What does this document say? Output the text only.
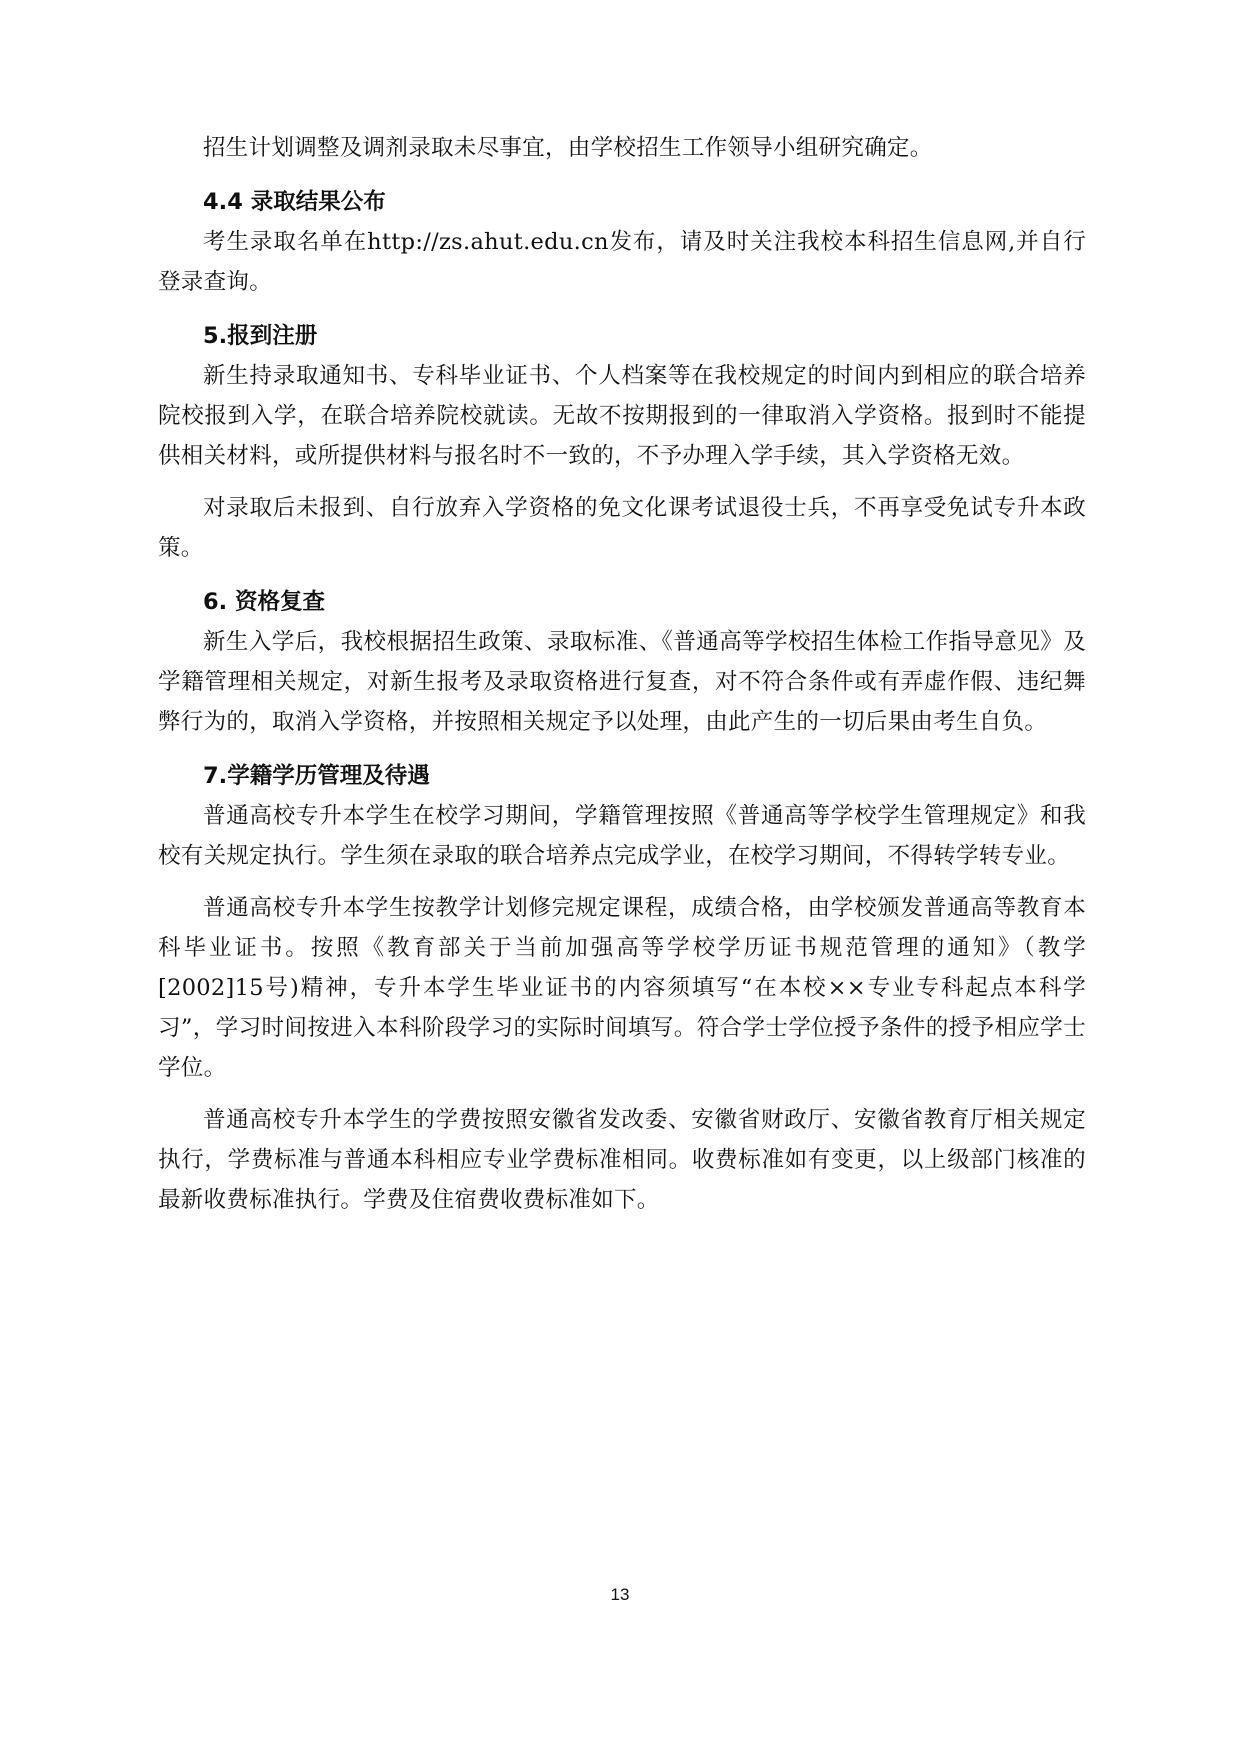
招生计划调整及调剂录取未尽事宜，由学校招生工作领导小组研究确定。

4.4 录取结果公布

考生录取名单在http://zs.ahut.edu.cn发布，请及时关注我校本科招生信息网,并自行登录查询。

5.报到注册

新生持录取通知书、专科毕业证书、个人档案等在我校规定的时间内到相应的联合培养院校报到入学，在联合培养院校就读。无故不按期报到的一律取消入学资格。报到时不能提供相关材料，或所提供材料与报名时不一致的，不予办理入学手续，其入学资格无效。

对录取后未报到、自行放弃入学资格的免文化课考试退役士兵，不再享受免试专升本政策。

6. 资格复查

新生入学后，我校根据招生政策、录取标准、《普通高等学校招生体检工作指导意见》及学籍管理相关规定，对新生报考及录取资格进行复查，对不符合条件或有弄虚作假、违纪舞弊行为的，取消入学资格，并按照相关规定予以处理，由此产生的一切后果由考生自负。

7.学籍学历管理及待遇

普通高校专升本学生在校学习期间，学籍管理按照《普通高等学校学生管理规定》和我校有关规定执行。学生须在录取的联合培养点完成学业，在校学习期间，不得转学转专业。

普通高校专升本学生按教学计划修完规定课程，成绩合格，由学校颁发普通高等教育本科毕业证书。按照《教育部关于当前加强高等学校学历证书规范管理的通知》（教学[2002]15号)精神，专升本学生毕业证书的内容须填写“在本校××专业专科起点本科学习”，学习时间按进入本科阶段学习的实际时间填写。符合学士学位授予条件的授予相应学士学位。

普通高校专升本学生的学费按照安徽省发改委、安徽省财政厅、安徽省教育厅相关规定执行，学费标准与普通本科相应专业学费标准相同。收费标准如有变更，以上级部门核准的最新收费标准执行。学费及住宿费收费标准如下。

13
